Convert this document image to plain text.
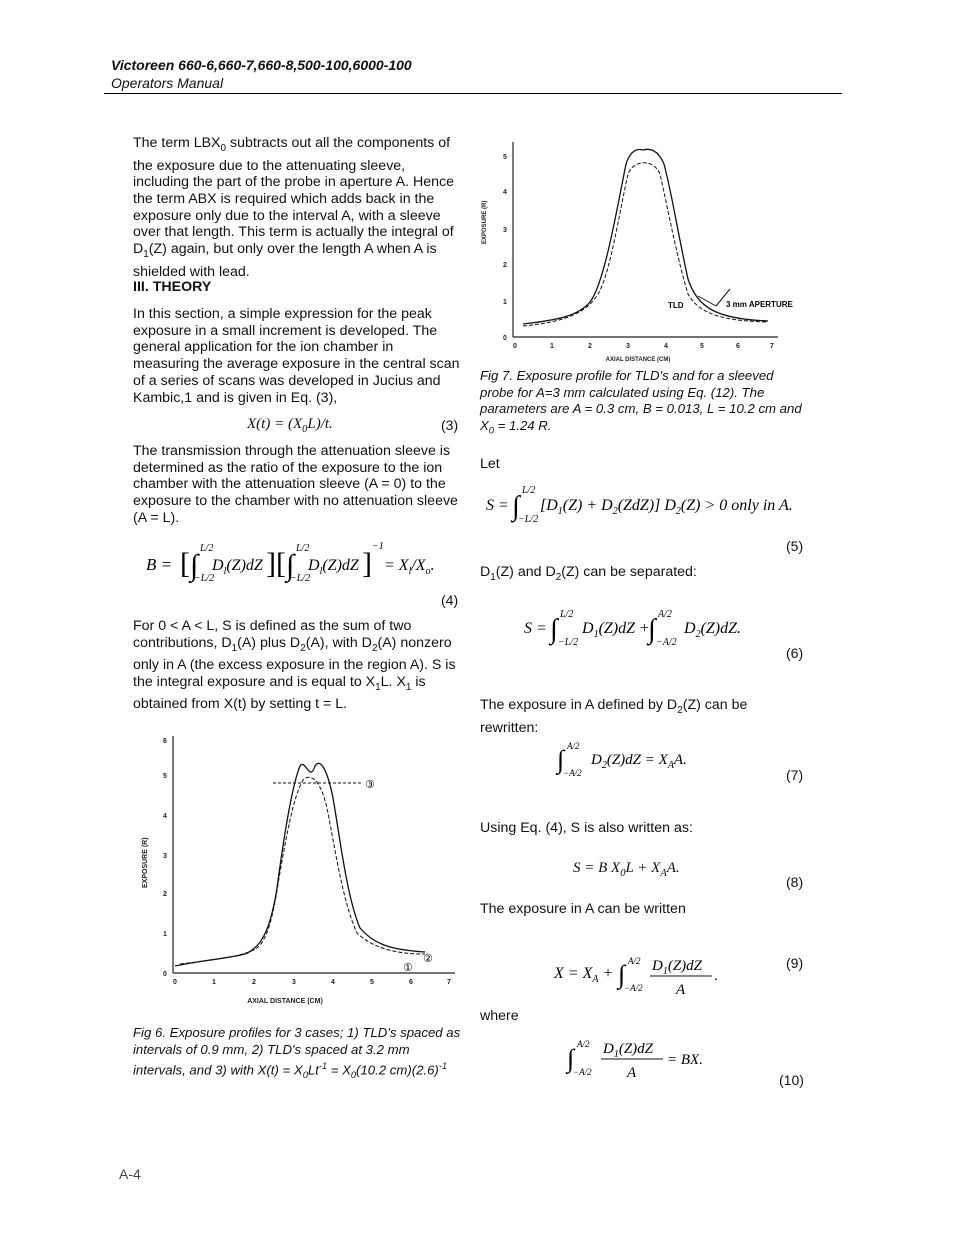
Victoreen 660-6,660-7,660-8,500-100,6000-100
Operators Manual

The term $LBX_0$ subtracts out all the components of the exposure due to the attenuating sleeve, including the part of the probe in aperture A. Hence the term ABX is required which adds back in the exposure only due to the interval A, with a sleeve over that length. This term is actually the integral of $D_1(Z)$ again, but only over the length A when A is shielded with lead.

III. THEORY
In this section, a simple expression for the peak exposure in a small increment is developed. The general application for the ion chamber in measuring the average exposure in the central scan of a series of scans was developed in Jucius and Kambic,1 and is given in Eq. (3),
$X(t) = (X_0L)/t$.	(3)
The transmission through the attenuation sleeve is determined as the ratio of the exposure to the ion chamber with the attenuation sleeve (A = 0) to the exposure to the chamber with no attenuation sleeve (A = L).
B = [ ∫
L/2
−L/2
$D_l(Z)dZ$ ][ ∫
L/2
−L/2
$D_l(Z)dZ$ ]
−1
= $X_l/X_o$.
(4)

For 0 < A < L, S is defined as the sum of two contributions, $D_1(A)$ plus $D_2(A)$, with $D_2(A)$ nonzero only in A (the excess exposure in the region A). S is the integral exposure and is equal to $X_1L$. $X_1$ is obtained from X(t) by setting t = L.

EXPOSURE (R)
AXIAL DISTANCE (CM)
0
1
2
3
4
5
6
0	1	2	3	4	5	6	7
③
①
②
Fig 6. Exposure profiles for 3 cases; 1) TLD's spaced as intervals of 0.9 mm, 2) TLD's spaced at 3.2 mm intervals, and 3) with $X(t) = X_0Lt^{-1} = X_0(10.2$ $cm)(2.6)^{-1}$
EXPOSURE (R)
AXIAL DISTANCE (CM)
0
1
2
3
4
5
0	1	2	3	4	5	6	7
TLD	3 mm APERTURE
Fig 7. Exposure profile for TLD's and for a sleeved probe for A=3 mm calculated using Eq. (12). The parameters are A = 0.3 cm, B = 0.013, L = 10.2 cm and $X_0 = 1.24$ R.
Let
S = ∫
L/2
−L/2
$[D_1(Z) + D_2(ZdZ)] D_2(Z) > 0$ only in A.
(5)
$D_1(Z)$ and $D_2(Z)$ can be separated:
S = ∫ L/2
−L/2
$D_1(Z)dZ$ +
∫ A/2
−A/2
$D_2(Z)dZ$.
(6)
The exposure in A defined by $D_2(Z)$ can be rewritten:
∫ A/2
−A/2
$D_2(Z)dZ = X_AA$.
(7)
Using Eq. (4), S is also written as:
S = B $X_0L + X_AA$.
(8)
The exposure in A can be written
$X = X_A$ + ∫ A/2
−A/2
$D_1(Z)dZ$
A
.
(9)
where
∫ A/2
−A/2
$D_1(Z)dZ$
A
= BX.
(10)
A-4
